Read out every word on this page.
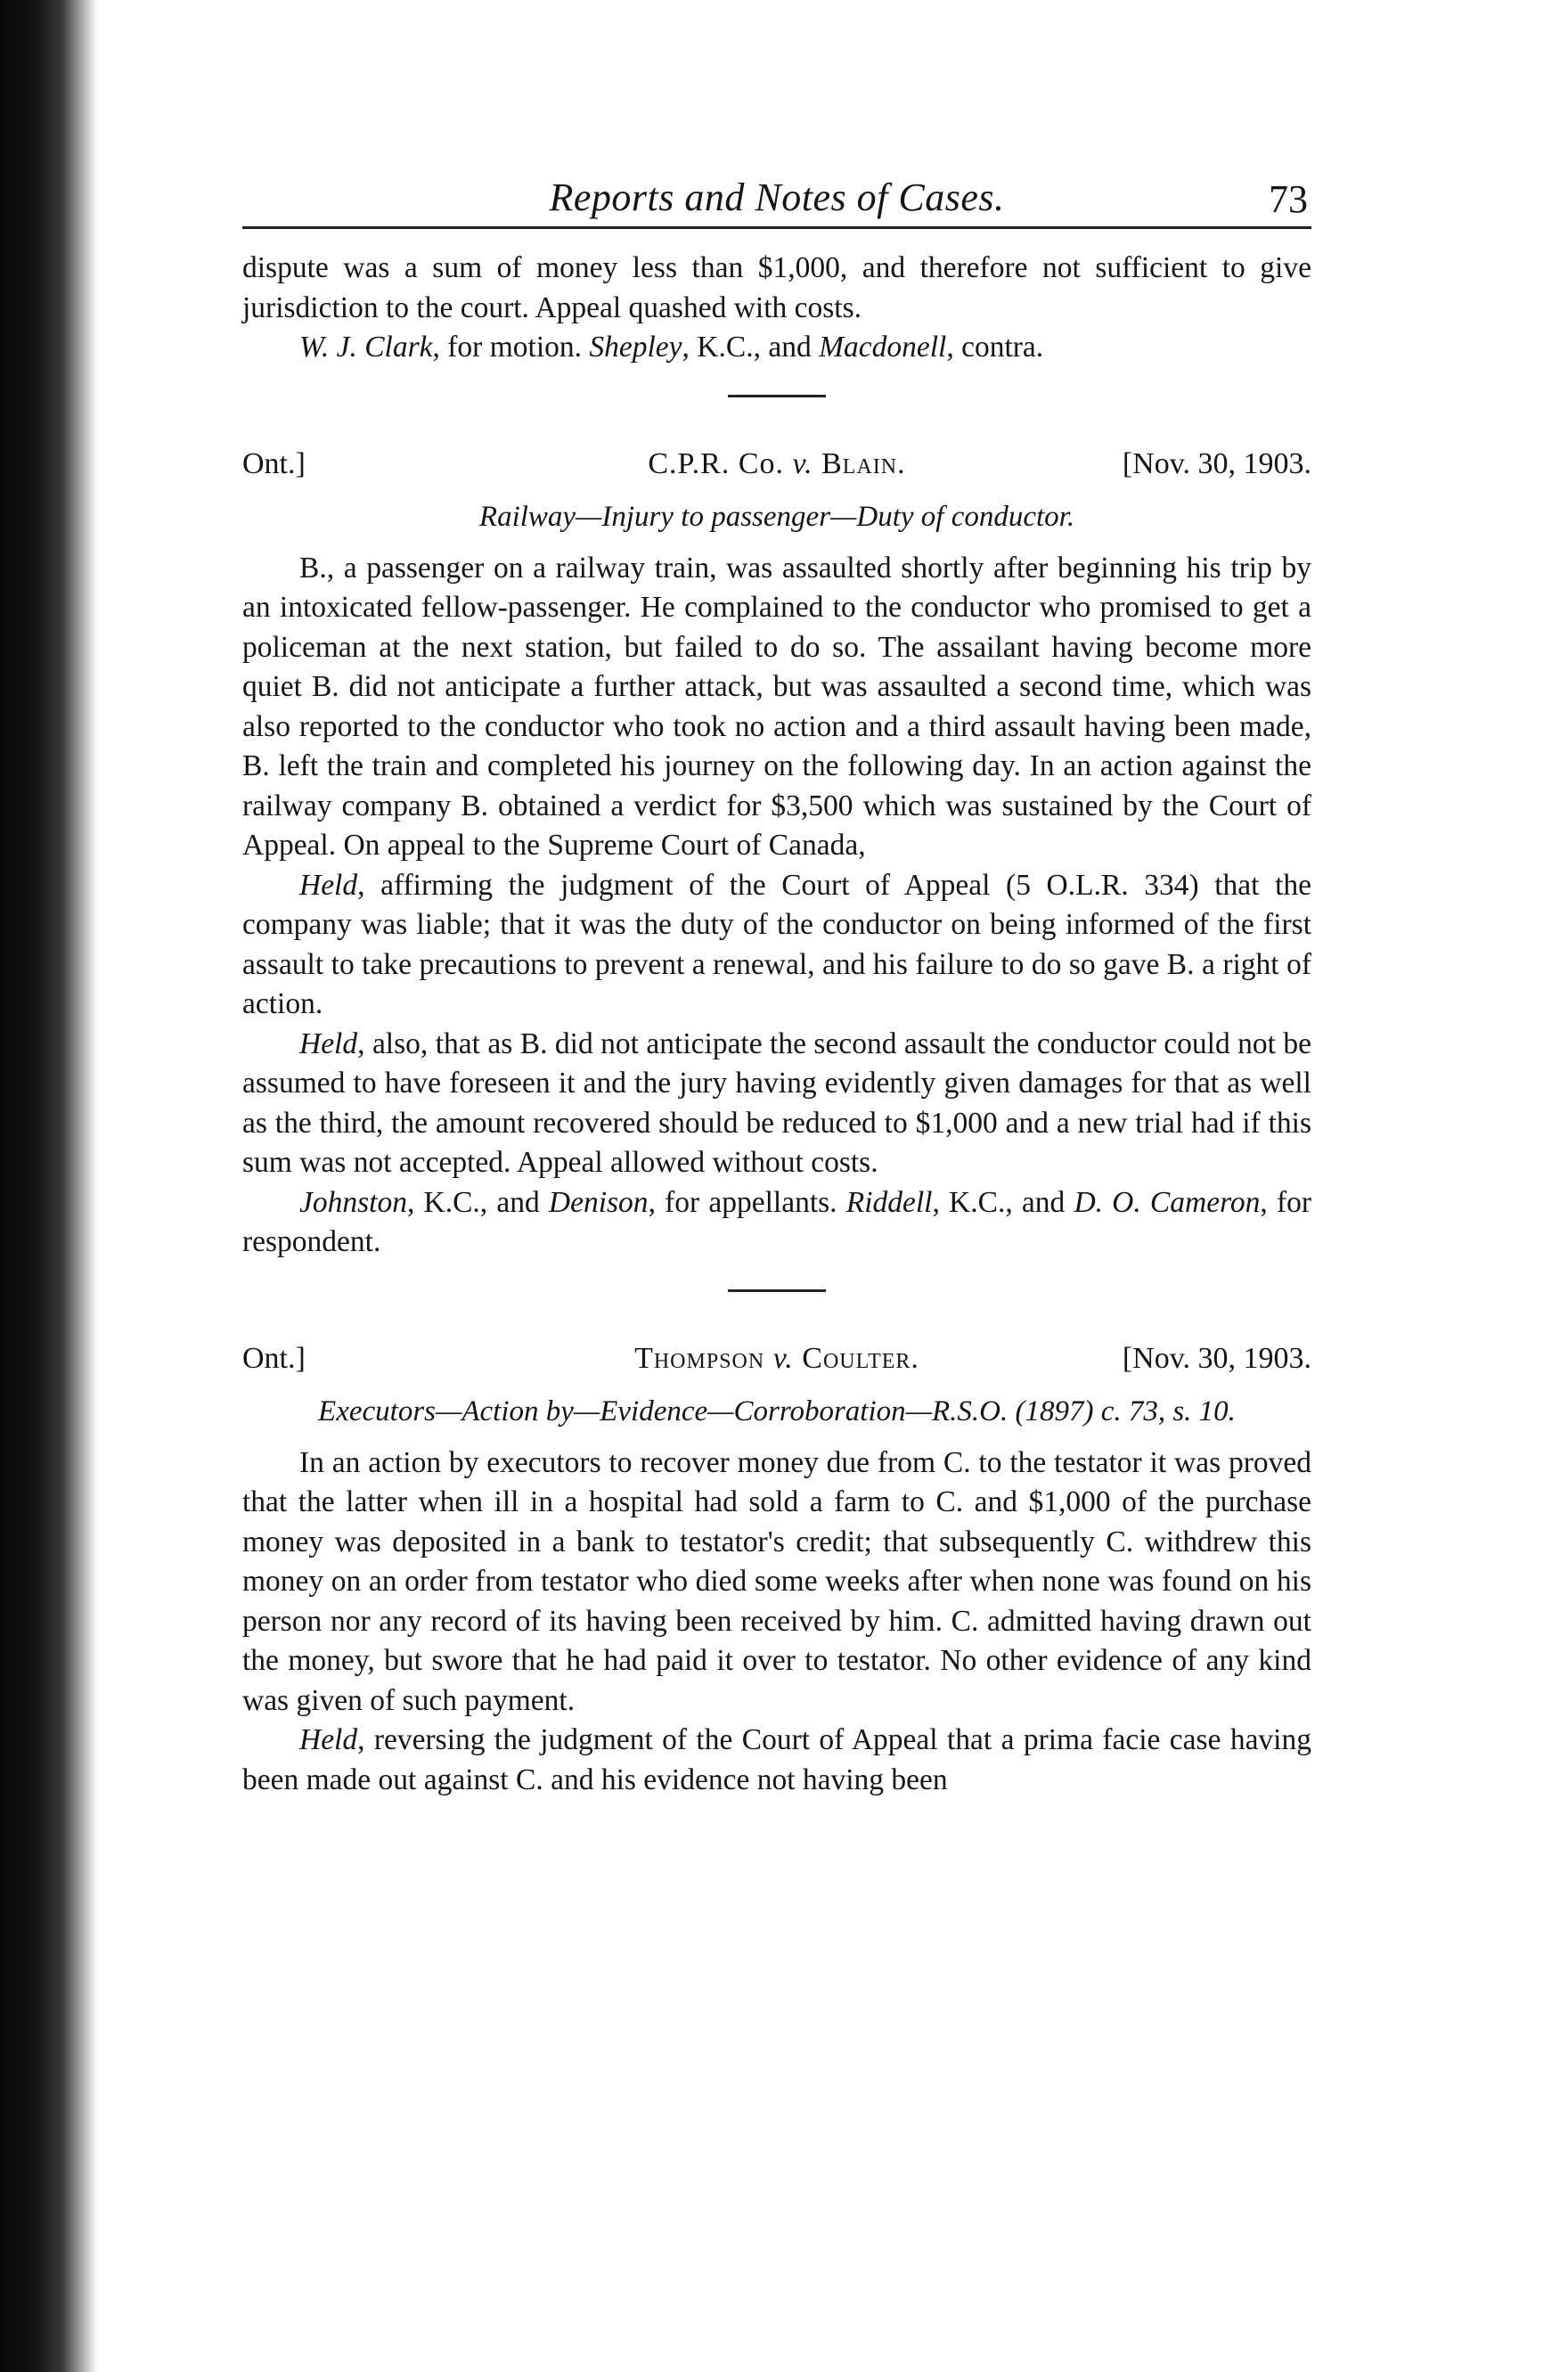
Reports and Notes of Cases.	73

dispute was a sum of money less than $1,000, and therefore not sufficient to give jurisdiction to the court. Appeal quashed with costs.

W. J. Clark, for motion. Shepley, K.C., and Macdonell, contra.

Ont.]	C.P.R. Co. v. Blain.	[Nov. 30, 1903.
Railway—Injury to passenger—Duty of conductor.

B., a passenger on a railway train, was assaulted shortly after beginning his trip by an intoxicated fellow-passenger. He complained to the conductor who promised to get a policeman at the next station, but failed to do so. The assailant having become more quiet B. did not anticipate a further attack, but was assaulted a second time, which was also reported to the conductor who took no action and a third assault having been made, B. left the train and completed his journey on the following day. In an action against the railway company B. obtained a verdict for $3,500 which was sustained by the Court of Appeal. On appeal to the Supreme Court of Canada,

Held, affirming the judgment of the Court of Appeal (5 O.L.R. 334) that the company was liable; that it was the duty of the conductor on being informed of the first assault to take precautions to prevent a renewal, and his failure to do so gave B. a right of action.

Held, also, that as B. did not anticipate the second assault the conductor could not be assumed to have foreseen it and the jury having evidently given damages for that as well as the third, the amount recovered should be reduced to $1,000 and a new trial had if this sum was not accepted. Appeal allowed without costs.

Johnston, K.C., and Denison, for appellants. Riddell, K.C., and D. O. Cameron, for respondent.

Ont.]	Thompson v. Coulter.	[Nov. 30, 1903.
Executors—Action by—Evidence—Corroboration—R.S.O. (1897) c. 73, s. 10.

In an action by executors to recover money due from C. to the testator it was proved that the latter when ill in a hospital had sold a farm to C. and $1,000 of the purchase money was deposited in a bank to testator's credit; that subsequently C. withdrew this money on an order from testator who died some weeks after when none was found on his person nor any record of its having been received by him. C. admitted having drawn out the money, but swore that he had paid it over to testator. No other evidence of any kind was given of such payment.

Held, reversing the judgment of the Court of Appeal that a prima facie case having been made out against C. and his evidence not having been
